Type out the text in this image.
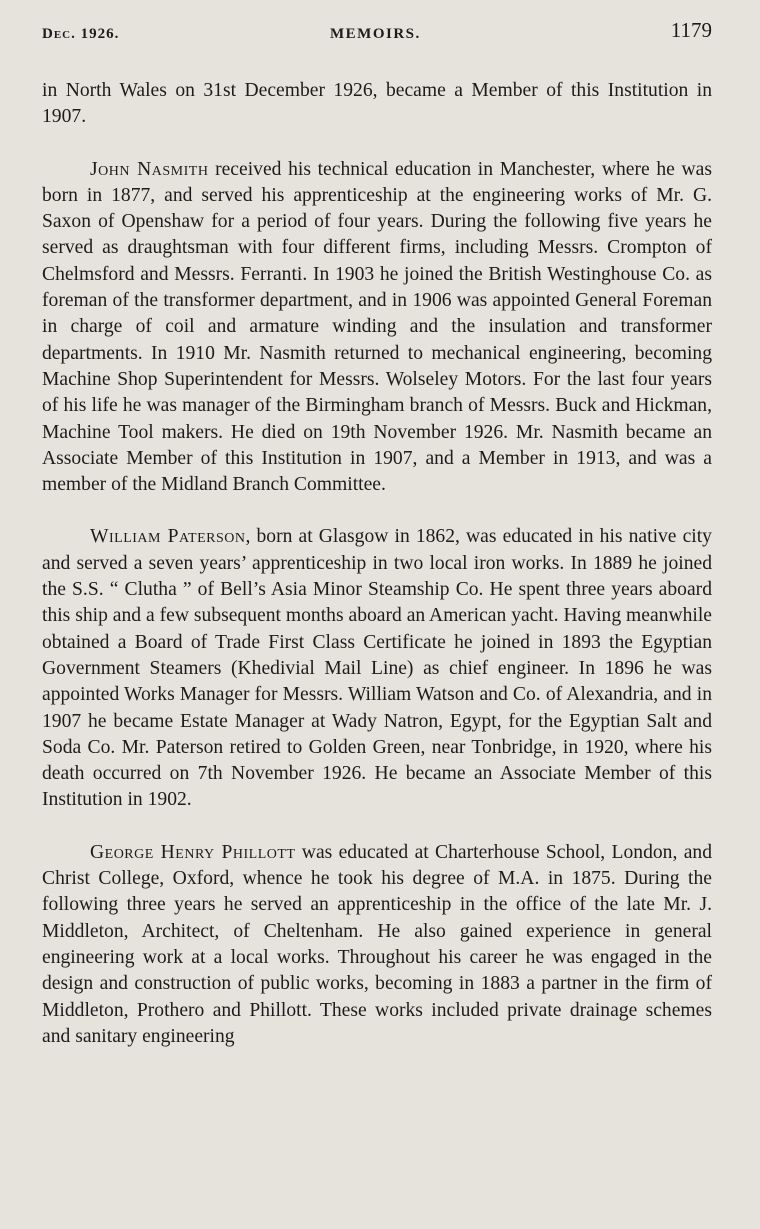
Dec. 1926.	MEMOIRS.	1179

in North Wales on 31st December 1926, became a Member of this Institution in 1907.

John Nasmith received his technical education in Manchester, where he was born in 1877, and served his apprenticeship at the engineering works of Mr. G. Saxon of Openshaw for a period of four years. During the following five years he served as draughtsman with four different firms, including Messrs. Crompton of Chelmsford and Messrs. Ferranti. In 1903 he joined the British Westinghouse Co. as foreman of the transformer department, and in 1906 was appointed General Foreman in charge of coil and armature winding and the insulation and transformer departments. In 1910 Mr. Nasmith returned to mechanical engineering, becoming Machine Shop Superintendent for Messrs. Wolseley Motors. For the last four years of his life he was manager of the Birmingham branch of Messrs. Buck and Hickman, Machine Tool makers. He died on 19th November 1926. Mr. Nasmith became an Associate Member of this Institution in 1907, and a Member in 1913, and was a member of the Midland Branch Committee.

William Paterson, born at Glasgow in 1862, was educated in his native city and served a seven years’ apprenticeship in two local iron works. In 1889 he joined the S.S. “ Clutha ” of Bell’s Asia Minor Steamship Co. He spent three years aboard this ship and a few subsequent months aboard an American yacht. Having meanwhile obtained a Board of Trade First Class Certificate he joined in 1893 the Egyptian Government Steamers (Khedivial Mail Line) as chief engineer. In 1896 he was appointed Works Manager for Messrs. William Watson and Co. of Alexandria, and in 1907 he became Estate Manager at Wady Natron, Egypt, for the Egyptian Salt and Soda Co. Mr. Paterson retired to Golden Green, near Tonbridge, in 1920, where his death occurred on 7th November 1926. He became an Associate Member of this Institution in 1902.

George Henry Phillott was educated at Charterhouse School, London, and Christ College, Oxford, whence he took his degree of M.A. in 1875. During the following three years he served an apprenticeship in the office of the late Mr. J. Middleton, Architect, of Cheltenham. He also gained experience in general engineering work at a local works. Throughout his career he was engaged in the design and construction of public works, becoming in 1883 a partner in the firm of Middleton, Prothero and Phillott. These works included private drainage schemes and sanitary engineering
